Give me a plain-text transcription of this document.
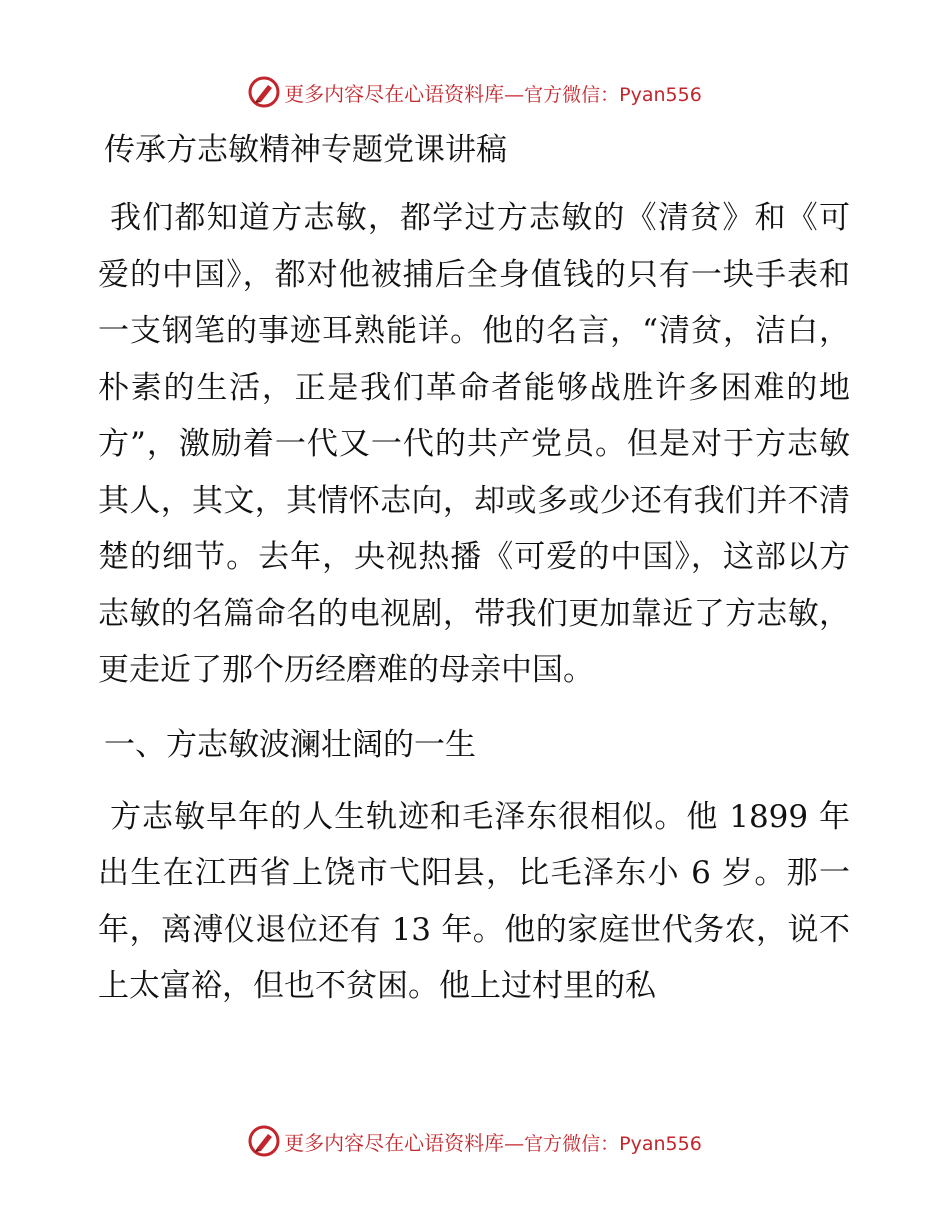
更多内容尽在心语资料库—官方微信：Pyan556
传承方志敏精神专题党课讲稿

我们都知道方志敏，都学过方志敏的《清贫》和《可爱的中国》，都对他被捕后全身值钱的只有一块手表和一支钢笔的事迹耳熟能详。他的名言，“清贫，洁白，朴素的生活，正是我们革命者能够战胜许多困难的地方”，激励着一代又一代的共产党员。但是对于方志敏其人，其文，其情怀志向，却或多或少还有我们并不清楚的细节。去年，央视热播《可爱的中国》，这部以方志敏的名篇命名的电视剧，带我们更加靠近了方志敏，更走近了那个历经磨难的母亲中国。

一、方志敏波澜壮阔的一生

方志敏早年的人生轨迹和毛泽东很相似。他 1899 年出生在江西省上饶市弋阳县，比毛泽东小 6 岁。那一年，离溥仪退位还有 13 年。他的家庭世代务农，说不上太富裕，但也不贫困。他上过村里的私

更多内容尽在心语资料库—官方微信：Pyan556
